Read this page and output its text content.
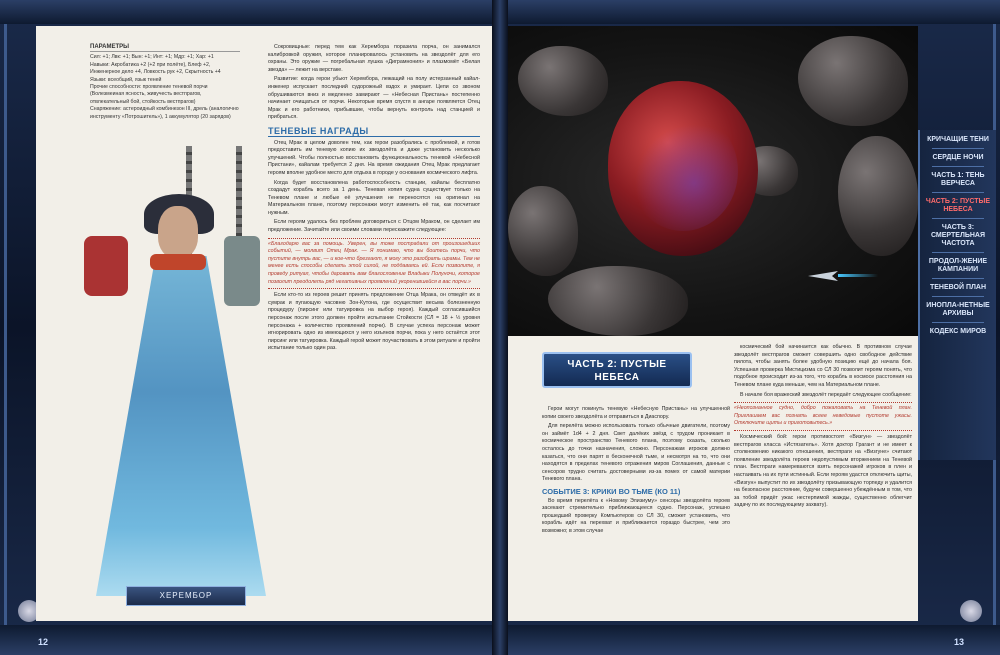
ПАРАМЕТРЫ
Сил: +1; Лвк: +1; Вын: +1; Инт: +1; Мдр: +1; Хар: +1
Навыки: Акробатика +2 (+2 при полёте), Блеф +2, Инженерное дело +4, Ловкость рук +2, Скрытность +4
Языки: всеобщий, язык теней
Прочие способности: проявление теневой порчи (Волезмеиная ясность, живучесть вестпрагов, отвлекательный бой, стойкость вестпрагов)
Снаряжение: астероидный комбинезон III, дрель (аналогично инструменту «Потрошитель»), 1 аккумулятор (20 зарядов)
ХЕРЕМБОР

Сокровищные: перед тем как Херембора поразила порча, он занимался калибровкой оружия, которое планировалось установить на звездолёт для его охраны. Это оружие — погребальная лушка «Диграмнония» и плазмомёт «Белая звезда» — лежит на верстаке.

Развитие: когда герои убьют Херембора, лежащий на полу истерзанный кайал-инженер испускает последний судорожный вздох и умирает. Цепи со звоном обрушиваются вниз и медленно замирают — «Небесная Пристань» постепенно начинает очищаться от порчи. Некоторые время спустя в ангаре появляется Отец Мрак и его работники, прибывшие, чтобы вернуть контроль над станцией и прибраться.

ТЕНЕВЫЕ НАГРАДЫ

Отец Мрак в целом доволен тем, как герои разобрались с проблемой, и готов предоставить им теневую копию их звездолёта и даже установить несколько улучшений. Чтобы полностью восстановить функциональность теневой «Небесной Пристани», кайалам требуется 2 дня. На время ожидания Отец Мрак предлагает героям вполне удобное место для отдыха в городе у основания космического лифта.

Когда будет восстановлена работоспособность станции, кайалы бесплатно создадут корабль всего за 1 день. Теневая копия судна существует только на Теневом плане и любые её улучшения не переносятся на оригинал на Материальном плане, поэтому персонажи могут изменить её так, как посчитают нужным.

Если героям удалось без проблем договориться с Отцом Мраком, он сделает им предложение. Зачитайте или своими словами перескажите следующее:

«Благодарю вас за помощь. Уверен, вы тоже пострадали от произошедших событий, — молвит Отец Мрак. — Я понимаю, что вы боитесь порчи, что пустите внутрь вас, — и кое-что брезгают, я могу это разобрать шрамы. Тем не менее есть способы сделать этой силой, не поддаваясь ей. Если позволите, я проведу ритуал, чтобы даровать вам благословение Владыки Полуночи, которое позволит преодолеть ряд негативных проявлений укоренившейся в вас порчи.»

Если кто-то из героев решит принять предложение Отца Мрака, он отведёт их в сумрак и пугающую часовню Зон-Кутона, где осуществит весьма болезненную процедуру (пирсинг или татуировка на выбор героя). Каждый согласившийся персонаж после этого должен пройти испытание Стойкости (СЛ = 18 + ½ уровня персонажа + количество проявлений порчи). В случае успеха персонаж может игнорировать одно из имеющихся у него изъянов порчи, пока у него остаётся этот пирсинг или татуировка. Каждый герой может поучаствовать в этом ритуале и пройти испытание только один раз.

ЧАСТЬ 2: ПУСТЫЕ НЕБЕСА

Герои могут покинуть теневую «Небесную Пристань» на улучшенной копии своего звездолёта и отправиться в Диаспору.

Для перелёта можно использовать только обычные двигатели, поэтому он займёт 1d4 + 2 дня. Свет далёких звёзд с трудом проникает в космическое пространство Теневого плана, поэтому сказать, сколько осталось до точки назначения, сложно. Персонажам игроков должно казаться, что они парят в бесконечной тьме, и несмотря на то, что они находятся в пределах теневого отражения миров Соглашения, данные с сенсоров трудно считать достоверными из-за помех от самой материи Теневого плана.

СОБЫТИЕ 3: КРИКИ ВО ТЬМЕ (КО 11)

Во время перелёта к «Новому Элизиуму» сенсоры звездолёта героев засекают стремительно приближающееся судно. Персонаж, успешно прошедший проверку Компьютеров со СЛ 30, сможет установить, что корабль идёт на перехват и приближается гораздо быстрее, чем это возможно; в этом случае

космический бой начинается как обычно. В противном случае звездолёт вестпрагов сможет совершить одно свободное действие пилота, чтобы занять более удобную позицию ещё до начала боя. Успешная проверка Мистицизма со СЛ 30 позволит героям понять, что подобное происходит из-за того, что корабль в космосе расстояния на Теневом плане куда меньше, чем на Материальном плане.

В начале боя вражеский звездолёт передаёт следующее сообщение:

«Неопознанное судно, добро пожаловать на Теневой план. Приглашаем вас познать всеее неведомые пустоте ужасы. Отключите щиты и приготовьтесь.»

Космический бой: герои противостоят «Визгун» — звездолёт вестпрагов класса «Истязатель». Хотя доктор Грагант и не имеет к столкновению никакого отношения, вестпраги на «Визгуне» считают появление звездолёта героев недопустимым вторжением на Теневой план. Вестпраги намереваются взять персонажей игроков в плен и настаивать на их пути истинный. Если героям удастся отключить щиты, «Визгун» выпустит по их звездолёту призывающую торпеду и удалится на безопасное расстояние, будучи совершенно убеждённым в том, что за тобой придёт ужас нестерпимой жажды, существенно облегчит задачу по их последующему захвату).

12	13
КРИЧАЩИЕ ТЕНИ
СЕРДЦЕ НОЧИ
ЧАСТЬ 1: ТЕНЬ ВЕРЧЕСА
ЧАСТЬ 2: ПУСТЫЕ НЕБЕСА
ЧАСТЬ 3: СМЕРТЕЛЬНАЯ ЧАСТОТА
ПРОДОЛ-ЖЕНИЕ КАМПАНИИ
ТЕНЕВОЙ ПЛАН
ИНОПЛА-НЕТНЫЕ АРХИВЫ
КОДЕКС МИРОВ
